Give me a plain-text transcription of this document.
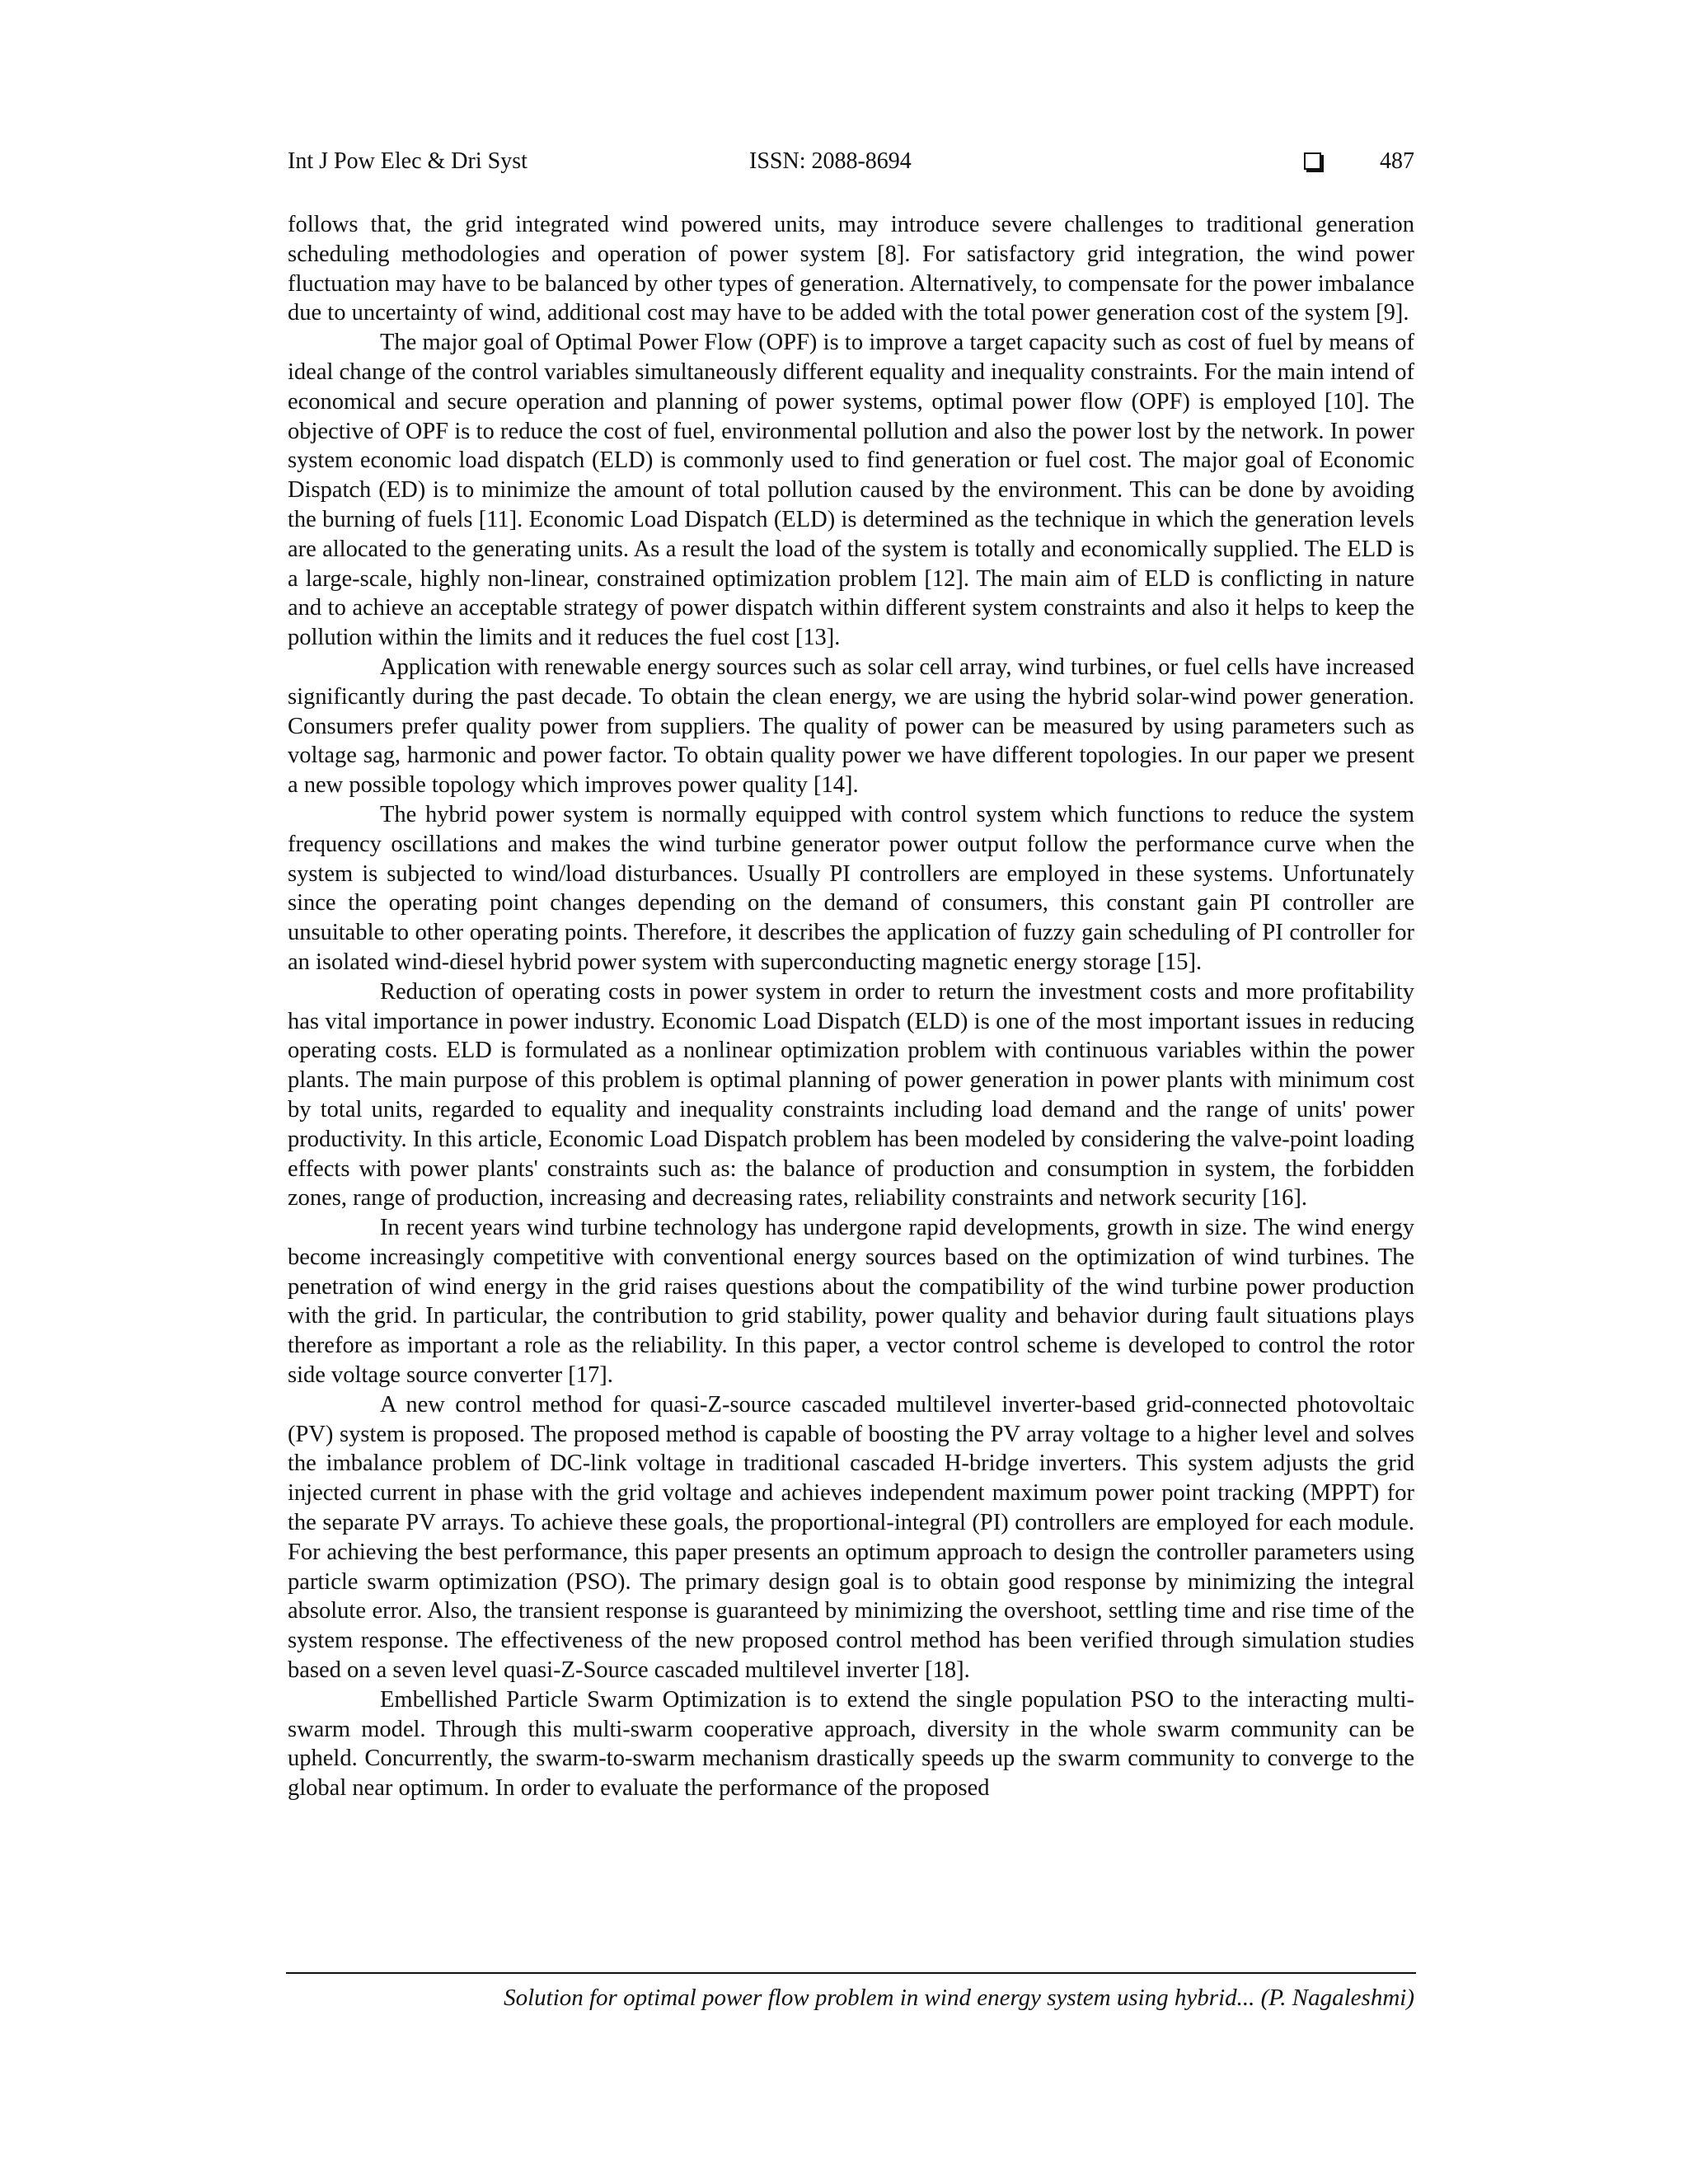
Int J Pow Elec & Dri Syst	ISSN: 2088-8694	487

follows that, the grid integrated wind powered units, may introduce severe challenges to traditional generation scheduling methodologies and operation of power system [8]. For satisfactory grid integration, the wind power fluctuation may have to be balanced by other types of generation. Alternatively, to compensate for the power imbalance due to uncertainty of wind, additional cost may have to be added with the total power generation cost of the system [9].

The major goal of Optimal Power Flow (OPF) is to improve a target capacity such as cost of fuel by means of ideal change of the control variables simultaneously different equality and inequality constraints. For the main intend of economical and secure operation and planning of power systems, optimal power flow (OPF) is employed [10]. The objective of OPF is to reduce the cost of fuel, environmental pollution and also the power lost by the network. In power system economic load dispatch (ELD) is commonly used to find generation or fuel cost. The major goal of Economic Dispatch (ED) is to minimize the amount of total pollution caused by the environment. This can be done by avoiding the burning of fuels [11]. Economic Load Dispatch (ELD) is determined as the technique in which the generation levels are allocated to the generating units. As a result the load of the system is totally and economically supplied. The ELD is a large-scale, highly non-linear, constrained optimization problem [12]. The main aim of ELD is conflicting in nature and to achieve an acceptable strategy of power dispatch within different system constraints and also it helps to keep the pollution within the limits and it reduces the fuel cost [13].

Application with renewable energy sources such as solar cell array, wind turbines, or fuel cells have increased significantly during the past decade. To obtain the clean energy, we are using the hybrid solar-wind power generation. Consumers prefer quality power from suppliers. The quality of power can be measured by using parameters such as voltage sag, harmonic and power factor. To obtain quality power we have different topologies. In our paper we present a new possible topology which improves power quality [14].

The hybrid power system is normally equipped with control system which functions to reduce the system frequency oscillations and makes the wind turbine generator power output follow the performance curve when the system is subjected to wind/load disturbances. Usually PI controllers are employed in these systems. Unfortunately since the operating point changes depending on the demand of consumers, this constant gain PI controller are unsuitable to other operating points. Therefore, it describes the application of fuzzy gain scheduling of PI controller for an isolated wind-diesel hybrid power system with superconducting magnetic energy storage [15].

Reduction of operating costs in power system in order to return the investment costs and more profitability has vital importance in power industry. Economic Load Dispatch (ELD) is one of the most important issues in reducing operating costs. ELD is formulated as a nonlinear optimization problem with continuous variables within the power plants. The main purpose of this problem is optimal planning of power generation in power plants with minimum cost by total units, regarded to equality and inequality constraints including load demand and the range of units' power productivity. In this article, Economic Load Dispatch problem has been modeled by considering the valve-point loading effects with power plants' constraints such as: the balance of production and consumption in system, the forbidden zones, range of production, increasing and decreasing rates, reliability constraints and network security [16].

In recent years wind turbine technology has undergone rapid developments, growth in size. The wind energy become increasingly competitive with conventional energy sources based on the optimization of wind turbines. The penetration of wind energy in the grid raises questions about the compatibility of the wind turbine power production with the grid. In particular, the contribution to grid stability, power quality and behavior during fault situations plays therefore as important a role as the reliability. In this paper, a vector control scheme is developed to control the rotor side voltage source converter [17].

A new control method for quasi-Z-source cascaded multilevel inverter-based grid-connected photovoltaic (PV) system is proposed. The proposed method is capable of boosting the PV array voltage to a higher level and solves the imbalance problem of DC-link voltage in traditional cascaded H-bridge inverters. This system adjusts the grid injected current in phase with the grid voltage and achieves independent maximum power point tracking (MPPT) for the separate PV arrays. To achieve these goals, the proportional-integral (PI) controllers are employed for each module. For achieving the best performance, this paper presents an optimum approach to design the controller parameters using particle swarm optimization (PSO). The primary design goal is to obtain good response by minimizing the integral absolute error. Also, the transient response is guaranteed by minimizing the overshoot, settling time and rise time of the system response. The effectiveness of the new proposed control method has been verified through simulation studies based on a seven level quasi-Z-Source cascaded multilevel inverter [18].

Embellished Particle Swarm Optimization is to extend the single population PSO to the interacting multi-swarm model. Through this multi-swarm cooperative approach, diversity in the whole swarm community can be upheld. Concurrently, the swarm-to-swarm mechanism drastically speeds up the swarm community to converge to the global near optimum. In order to evaluate the performance of the proposed

Solution for optimal power flow problem in wind energy system using hybrid... (P. Nagaleshmi)
